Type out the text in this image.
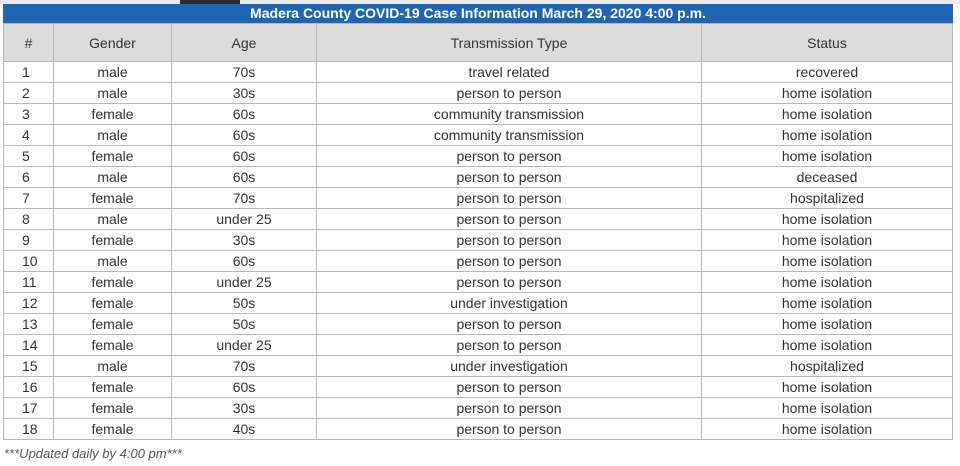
Madera County COVID-19 Case Information March 29, 2020 4:00 p.m.
#	Gender	Age	Transmission Type	Status
1	male	70s	travel related	recovered
2	male	30s	person to person	home isolation
3	female	60s	community transmission	home isolation
4	male	60s	community transmission	home isolation
5	female	60s	person to person	home isolation
6	male	60s	person to person	deceased
7	female	70s	person to person	hospitalized
8	male	under 25	person to person	home isolation
9	female	30s	person to person	home isolation
10	male	60s	person to person	home isolation
11	female	under 25	person to person	home isolation
12	female	50s	under investigation	home isolation
13	female	50s	person to person	home isolation
14	female	under 25	person to person	home isolation
15	male	70s	under investigation	hospitalized
16	female	60s	person to person	home isolation
17	female	30s	person to person	home isolation
18	female	40s	person to person	home isolation
***Updated daily by 4:00 pm***
